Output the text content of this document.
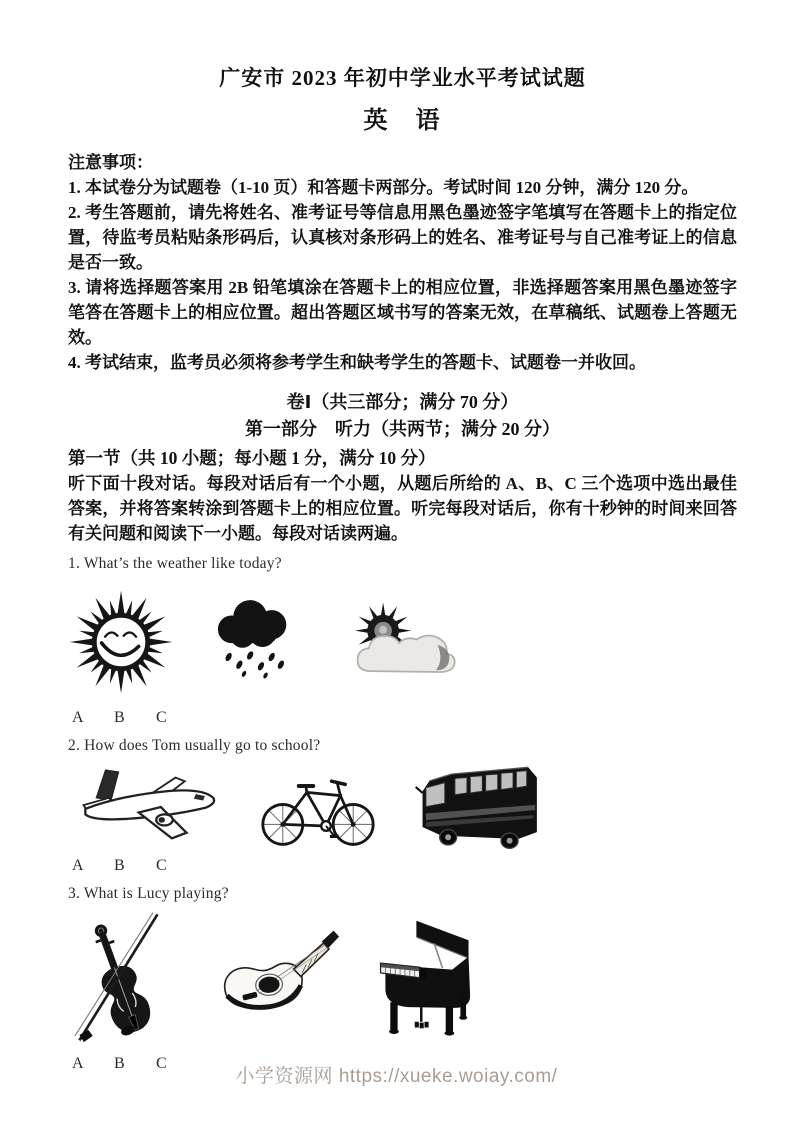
广安市 2023 年初中学业水平考试试题
英　语

注意事项：

1. 本试卷分为试题卷（1-10 页）和答题卡两部分。考试时间 120 分钟，满分 120 分。

2. 考生答题前，请先将姓名、准考证号等信息用黑色墨迹签字笔填写在答题卡上的指定位置，待监考员粘贴条形码后，认真核对条形码上的姓名、准考证号与自己准考证上的信息是否一致。

3. 请将选择题答案用 2B 铅笔填涂在答题卡上的相应位置，非选择题答案用黑色墨迹签字笔答在答题卡上的相应位置。超出答题区域书写的答案无效，在草稿纸、试题卷上答题无效。

4. 考试结束，监考员必须将参考学生和缺考学生的答题卡、试题卷一并收回。

卷Ⅰ（共三部分；满分 70 分）

第一部分　听力（共两节；满分 20 分）

第一节（共 10 小题；每小题 1 分，满分 10 分）

听下面十段对话。每段对话后有一个小题，从题后所给的 A、B、C 三个选项中选出最佳答案，并将答案转涂到答题卡上的相应位置。听完每段对话后，你有十秒钟的时间来回答有关问题和阅读下一小题。每段对话读两遍。

1. What’s the weather like today?

A B C

2. How does Tom usually go to school?

A B C

3. What is Lucy playing?

A B C
小学资源网 https://xueke.woiay.com/
